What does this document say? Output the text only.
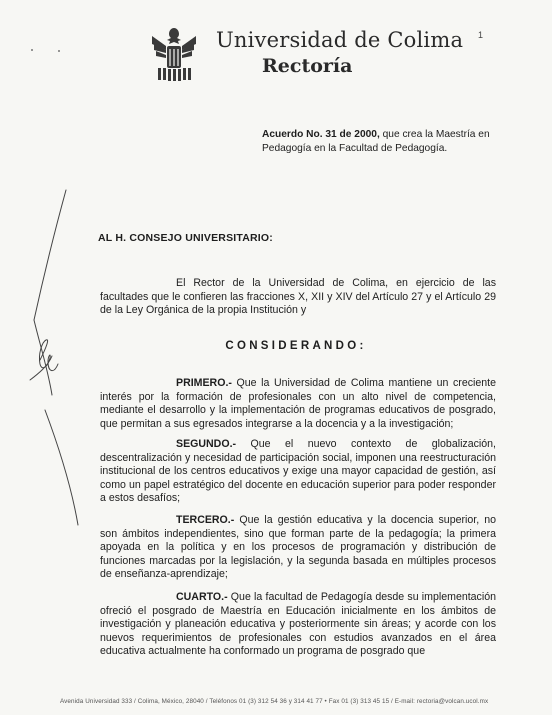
Universidad de Colima
Rectoría
1
Acuerdo No. 31 de 2000, que crea la Maestría en Pedagogía en la Facultad de Pedagogía.
AL H. CONSEJO UNIVERSITARIO:

El Rector de la Universidad de Colima, en ejercicio de las facultades que le confieren las fracciones X, XII y XIV del Artículo 27 y el Artículo 29 de la Ley Orgánica de la propia Institución y

CONSIDERANDO:

PRIMERO.- Que la Universidad de Colima mantiene un creciente interés por la formación de profesionales con un alto nivel de competencia, mediante el desarrollo y la implementación de programas educativos de posgrado, que permitan a sus egresados integrarse a la docencia y a la investigación;

SEGUNDO.- Que el nuevo contexto de globalización, descentralización y necesidad de participación social, imponen una reestructuración institucional de los centros educativos y exige una mayor capacidad de gestión, así como un papel estratégico del docente en educación superior para poder responder a estos desafíos;

TERCERO.- Que la gestión educativa y la docencia superior, no son ámbitos independientes, sino que forman parte de la pedagogía; la primera apoyada en la política y en los procesos de programación y distribución de funciones marcadas por la legislación, y la segunda basada en múltiples procesos de enseñanza-aprendizaje;

CUARTO.- Que la facultad de Pedagogía desde su implementación ofreció el posgrado de Maestría en Educación inicialmente en los ámbitos de investigación y planeación educativa y posteriormente sin áreas; y acorde con los nuevos requerimientos de profesionales con estudios avanzados en el área educativa actualmente ha conformado un programa de posgrado que

Avenida Universidad 333 / Colima, México, 28040 / Teléfonos 01 (3) 312 54 36 y 314 41 77 • Fax 01 (3) 313 45 15 / E-mail: rectoria@volcan.ucol.mx
